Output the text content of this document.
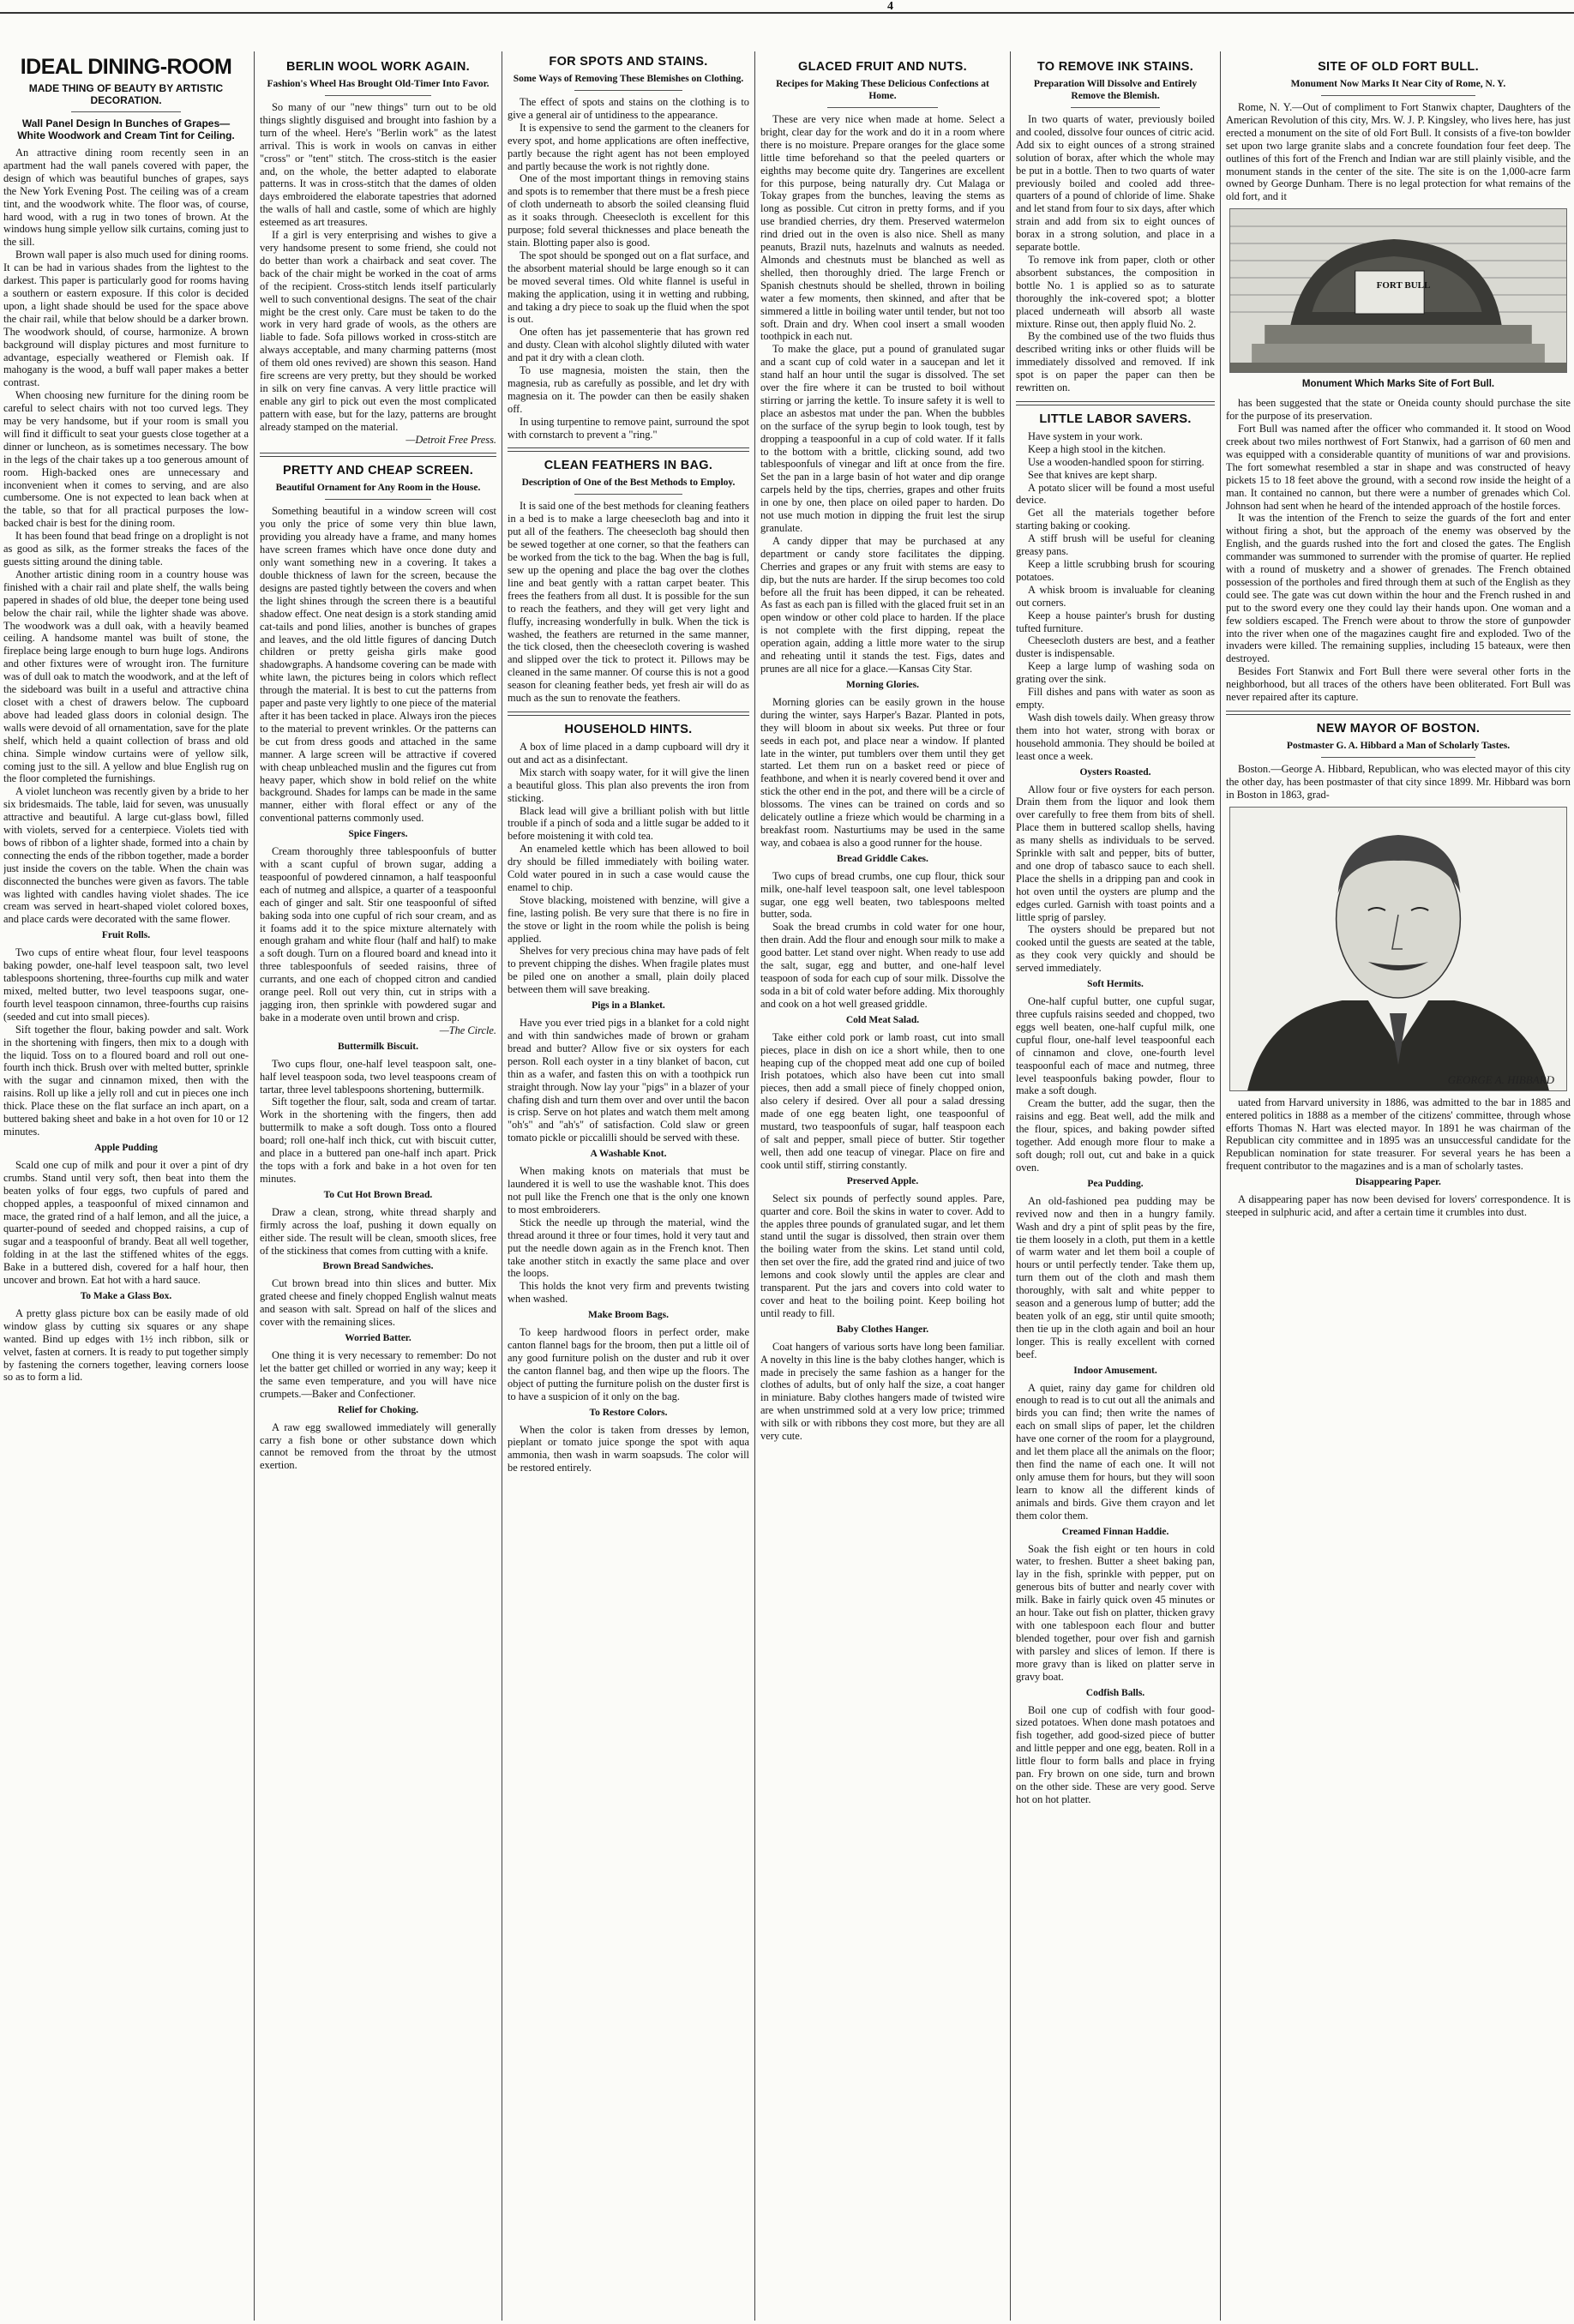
4
IDEAL DINING-ROOM
MADE THING OF BEAUTY BY ARTISTIC DECORATION.
Wall Panel Design In Bunches of Grapes—White Woodwork and Cream Tint for Ceiling.

An attractive dining room recently seen in an apartment had the wall panels covered with paper, the design of which was beautiful bunches of grapes, says the New York Evening Post. The ceiling was of a cream tint, and the woodwork white. The floor was, of course, hard wood, with a rug in two tones of brown. At the windows hung simple yellow silk curtains, coming just to the sill.

Brown wall paper is also much used for dining rooms. It can be had in various shades from the lightest to the darkest. This paper is particularly good for rooms having a southern or eastern exposure. If this color is decided upon, a light shade should be used for the space above the chair rail, while that below should be a darker brown. The woodwork should, of course, harmonize. A brown background will display pictures and most furniture to advantage, especially weathered or Flemish oak. If mahogany is the wood, a buff wall paper makes a better contrast.

When choosing new furniture for the dining room be careful to select chairs with not too curved legs. They may be very handsome, but if your room is small you will find it difficult to seat your guests close together at a dinner or luncheon, as is sometimes necessary. The bow in the legs of the chair takes up a too generous amount of room. High-backed ones are unnecessary and inconvenient when it comes to serving, and are also cumbersome. One is not expected to lean back when at the table, so that for all practical purposes the low-backed chair is best for the dining room.

It has been found that bead fringe on a droplight is not as good as silk, as the former streaks the faces of the guests sitting around the dining table.

Another artistic dining room in a country house was finished with a chair rail and plate shelf, the walls being papered in shades of old blue, the deeper tone being used below the chair rail, while the lighter shade was above. The woodwork was a dull oak, with a heavily beamed ceiling. A handsome mantel was built of stone, the fireplace being large enough to burn huge logs. Andirons and other fixtures were of wrought iron. The furniture was of dull oak to match the woodwork, and at the left of the sideboard was built in a useful and attractive china closet with a chest of drawers below. The cupboard above had leaded glass doors in colonial design. The walls were devoid of all ornamentation, save for the plate shelf, which held a quaint collection of brass and old china. Simple window curtains were of yellow silk, coming just to the sill. A yellow and blue English rug on the floor completed the furnishings.

A violet luncheon was recently given by a bride to her six bridesmaids. The table, laid for seven, was unusually attractive and beautiful. A large cut-glass bowl, filled with violets, served for a centerpiece. Violets tied with bows of ribbon of a lighter shade, formed into a chain by connecting the ends of the ribbon together, made a border just inside the covers on the table. When the chain was disconnected the bunches were given as favors. The table was lighted with candles having violet shades. The ice cream was served in heart-shaped violet colored boxes, and place cards were decorated with the same flower.

Fruit Rolls.

Two cups of entire wheat flour, four level teaspoons baking powder, one-half level teaspoon salt, two level tablespoons shortening, three-fourths cup milk and water mixed, melted butter, two level teaspoons sugar, one-fourth level teaspoon cinnamon, three-fourths cup raisins (seeded and cut into small pieces).

Sift together the flour, baking powder and salt. Work in the shortening with fingers, then mix to a dough with the liquid. Toss on to a floured board and roll out one-fourth inch thick. Brush over with melted butter, sprinkle with the sugar and cinnamon mixed, then with the raisins. Roll up like a jelly roll and cut in pieces one inch thick. Place these on the flat surface an inch apart, on a buttered baking sheet and bake in a hot oven for 10 or 12 minutes.

Apple Pudding

Scald one cup of milk and pour it over a pint of dry crumbs. Stand until very soft, then beat into them the beaten yolks of four eggs, two cupfuls of pared and chopped apples, a teaspoonful of mixed cinnamon and mace, the grated rind of a half lemon, and all the juice, a quarter-pound of seeded and chopped raisins, a cup of sugar and a teaspoonful of brandy. Beat all well together, folding in at the last the stiffened whites of the eggs. Bake in a buttered dish, covered for a half hour, then uncover and brown. Eat hot with a hard sauce.

To Make a Glass Box.

A pretty glass picture box can be easily made of old window glass by cutting six squares or any shape wanted. Bind up edges with 1½ inch ribbon, silk or velvet, fasten at corners. It is ready to put together simply by fastening the corners together, leaving corners loose so as to form a lid.

BERLIN WOOL WORK AGAIN.
Fashion's Wheel Has Brought Old-Timer Into Favor.

So many of our "new things" turn out to be old things slightly disguised and brought into fashion by a turn of the wheel. Here's "Berlin work" as the latest arrival. This is work in wools on canvas in either "cross" or "tent" stitch. The cross-stitch is the easier and, on the whole, the better adapted to elaborate patterns. It was in cross-stitch that the dames of olden days embroidered the elaborate tapestries that adorned the walls of hall and castle, some of which are highly esteemed as art treasures.

If a girl is very enterprising and wishes to give a very handsome present to some friend, she could not do better than work a chairback and seat cover. The back of the chair might be worked in the coat of arms of the recipient. Cross-stitch lends itself particularly well to such conventional designs. The seat of the chair might be the crest only. Care must be taken to do the work in very hard grade of wools, as the others are liable to fade. Sofa pillows worked in cross-stitch are always acceptable, and many charming patterns (most of them old ones revived) are shown this season. Hand fire screens are very pretty, but they should be worked in silk on very fine canvas. A very little practice will enable any girl to pick out even the most complicated pattern with ease, but for the lazy, patterns are brought already stamped on the material.

—Detroit Free Press.

PRETTY AND CHEAP SCREEN.
Beautiful Ornament for Any Room in the House.

Something beautiful in a window screen will cost you only the price of some very thin blue lawn, providing you already have a frame, and many homes have screen frames which have once done duty and only want something new in a covering. It takes a double thickness of lawn for the screen, because the designs are pasted tightly between the covers and when the light shines through the screen there is a beautiful shadow effect. One neat design is a stork standing amid cat-tails and pond lilies, another is bunches of grapes and leaves, and the old little figures of dancing Dutch children or pretty geisha girls make good shadowgraphs. A handsome covering can be made with white lawn, the pictures being in colors which reflect through the material. It is best to cut the patterns from paper and paste very lightly to one piece of the material after it has been tacked in place. Always iron the pieces to the material to prevent wrinkles. Or the patterns can be cut from dress goods and attached in the same manner. A large screen will be attractive if covered with cheap unbleached muslin and the figures cut from heavy paper, which show in bold relief on the white background. Shades for lamps can be made in the same manner, either with floral effect or any of the conventional patterns commonly used.

Spice Fingers.

Cream thoroughly three tablespoonfuls of butter with a scant cupful of brown sugar, adding a teaspoonful of powdered cinnamon, a half teaspoonful each of nutmeg and allspice, a quarter of a teaspoonful each of ginger and salt. Stir one teaspoonful of sifted baking soda into one cupful of rich sour cream, and as it foams add it to the spice mixture alternately with enough graham and white flour (half and half) to make a soft dough. Turn on a floured board and knead into it three tablespoonfuls of seeded raisins, three of currants, and one each of chopped citron and candied orange peel. Roll out very thin, cut in strips with a jagging iron, then sprinkle with powdered sugar and bake in a moderate oven until brown and crisp.

—The Circle.

Buttermilk Biscuit.

Two cups flour, one-half level teaspoon salt, one-half level teaspoon soda, two level teaspoons cream of tartar, three level tablespoons shortening, buttermilk.

Sift together the flour, salt, soda and cream of tartar. Work in the shortening with the fingers, then add buttermilk to make a soft dough. Toss onto a floured board; roll one-half inch thick, cut with biscuit cutter, and place in a buttered pan one-half inch apart. Prick the tops with a fork and bake in a hot oven for ten minutes.

To Cut Hot Brown Bread.

Draw a clean, strong, white thread sharply and firmly across the loaf, pushing it down equally on either side. The result will be clean, smooth slices, free of the stickiness that comes from cutting with a knife.

Brown Bread Sandwiches.

Cut brown bread into thin slices and butter. Mix grated cheese and finely chopped English walnut meats and season with salt. Spread on half of the slices and cover with the remaining slices.

Worried Batter.

One thing it is very necessary to remember: Do not let the batter get chilled or worried in any way; keep it the same even temperature, and you will have nice crumpets.—Baker and Confectioner.

Relief for Choking.

A raw egg swallowed immediately will generally carry a fish bone or other substance down which cannot be removed from the throat by the utmost exertion.

FOR SPOTS AND STAINS.
Some Ways of Removing These Blemishes on Clothing.

The effect of spots and stains on the clothing is to give a general air of untidiness to the appearance.

It is expensive to send the garment to the cleaners for every spot, and home applications are often ineffective, partly because the right agent has not been employed and partly because the work is not rightly done.

One of the most important things in removing stains and spots is to remember that there must be a fresh piece of cloth underneath to absorb the soiled cleansing fluid as it soaks through. Cheesecloth is excellent for this purpose; fold several thicknesses and place beneath the stain. Blotting paper also is good.

The spot should be sponged out on a flat surface, and the absorbent material should be large enough so it can be moved several times. Old white flannel is useful in making the application, using it in wetting and rubbing, and taking a dry piece to soak up the fluid when the spot is out.

One often has jet passementerie that has grown red and dusty. Clean with alcohol slightly diluted with water and pat it dry with a clean cloth.

To use magnesia, moisten the stain, then the magnesia, rub as carefully as possible, and let dry with magnesia on it. The powder can then be easily shaken off.

In using turpentine to remove paint, surround the spot with cornstarch to prevent a "ring."

CLEAN FEATHERS IN BAG.
Description of One of the Best Methods to Employ.

It is said one of the best methods for cleaning feathers in a bed is to make a large cheesecloth bag and into it put all of the feathers. The cheesecloth bag should then be sewed together at one corner, so that the feathers can be worked from the tick to the bag. When the bag is full, sew up the opening and place the bag over the clothes line and beat gently with a rattan carpet beater. This frees the feathers from all dust. It is possible for the sun to reach the feathers, and they will get very light and fluffy, increasing wonderfully in bulk. When the tick is washed, the feathers are returned in the same manner, the tick closed, then the cheesecloth covering is washed and slipped over the tick to protect it. Pillows may be cleaned in the same manner. Of course this is not a good season for cleaning feather beds, yet fresh air will do as much as the sun to renovate the feathers.

HOUSEHOLD HINTS.

A box of lime placed in a damp cupboard will dry it out and act as a disinfectant.

Mix starch with soapy water, for it will give the linen a beautiful gloss. This plan also prevents the iron from sticking.

Black lead will give a brilliant polish with but little trouble if a pinch of soda and a little sugar be added to it before moistening it with cold tea.

An enameled kettle which has been allowed to boil dry should be filled immediately with boiling water. Cold water poured in in such a case would cause the enamel to chip.

Stove blacking, moistened with benzine, will give a fine, lasting polish. Be very sure that there is no fire in the stove or light in the room while the polish is being applied.

Shelves for very precious china may have pads of felt to prevent chipping the dishes. When fragile plates must be piled one on another a small, plain doily placed between them will save breaking.

Pigs in a Blanket.

Have you ever tried pigs in a blanket for a cold night and with thin sandwiches made of brown or graham bread and butter? Allow five or six oysters for each person. Roll each oyster in a tiny blanket of bacon, cut thin as a wafer, and fasten this on with a toothpick run straight through. Now lay your "pigs" in a blazer of your chafing dish and turn them over and over until the bacon is crisp. Serve on hot plates and watch them melt among "oh's" and "ah's" of satisfaction. Cold slaw or green tomato pickle or piccalilli should be served with these.

A Washable Knot.

When making knots on materials that must be laundered it is well to use the washable knot. This does not pull like the French one that is the only one known to most embroiderers.

Stick the needle up through the material, wind the thread around it three or four times, hold it very taut and put the needle down again as in the French knot. Then take another stitch in exactly the same place and over the loops.

This holds the knot very firm and prevents twisting when washed.

Make Broom Bags.

To keep hardwood floors in perfect order, make canton flannel bags for the broom, then put a little oil of any good furniture polish on the duster and rub it over the canton flannel bag, and then wipe up the floors. The object of putting the furniture polish on the duster first is to have a suspicion of it only on the bag.

To Restore Colors.

When the color is taken from dresses by lemon, pieplant or tomato juice sponge the spot with aqua ammonia, then wash in warm soapsuds. The color will be restored entirely.

GLACED FRUIT AND NUTS.
Recipes for Making These Delicious Confections at Home.

These are very nice when made at home. Select a bright, clear day for the work and do it in a room where there is no moisture. Prepare oranges for the glace some little time beforehand so that the peeled quarters or eighths may become quite dry. Tangerines are excellent for this purpose, being naturally dry. Cut Malaga or Tokay grapes from the bunches, leaving the stems as long as possible. Cut citron in pretty forms, and if you use brandied cherries, dry them. Preserved watermelon rind dried out in the oven is also nice. Shell as many peanuts, Brazil nuts, hazelnuts and walnuts as needed. Almonds and chestnuts must be blanched as well as shelled, then thoroughly dried. The large French or Spanish chestnuts should be shelled, thrown in boiling water a few moments, then skinned, and after that be simmered a little in boiling water until tender, but not too soft. Drain and dry. When cool insert a small wooden toothpick in each nut.

To make the glace, put a pound of granulated sugar and a scant cup of cold water in a saucepan and let it stand half an hour until the sugar is dissolved. The set over the fire where it can be trusted to boil without stirring or jarring the kettle. To insure safety it is well to place an asbestos mat under the pan. When the bubbles on the surface of the syrup begin to look tough, test by dropping a teaspoonful in a cup of cold water. If it falls to the bottom with a brittle, clicking sound, add two tablespoonfuls of vinegar and lift at once from the fire. Set the pan in a large basin of hot water and dip orange carpels held by the tips, cherries, grapes and other fruits in one by one, then place on oiled paper to harden. Do not use much motion in dipping the fruit lest the sirup granulate.

A candy dipper that may be purchased at any department or candy store facilitates the dipping. Cherries and grapes or any fruit with stems are easy to dip, but the nuts are harder. If the sirup becomes too cold before all the fruit has been dipped, it can be reheated. As fast as each pan is filled with the glaced fruit set in an open window or other cold place to harden. If the place is not complete with the first dipping, repeat the operation again, adding a little more water to the sirup and reheating until it stands the test. Figs, dates and prunes are all nice for a glace.—Kansas City Star.

Morning Glories.

Morning glories can be easily grown in the house during the winter, says Harper's Bazar. Planted in pots, they will bloom in about six weeks. Put three or four seeds in each pot, and place near a window. If planted late in the winter, put tumblers over them until they get started. Let them run on a basket reed or piece of feathbone, and when it is nearly covered bend it over and stick the other end in the pot, and there will be a circle of blossoms. The vines can be trained on cords and so delicately outline a frieze which would be charming in a breakfast room. Nasturtiums may be used in the same way, and cobaea is also a good runner for the house.

Bread Griddle Cakes.

Two cups of bread crumbs, one cup flour, thick sour milk, one-half level teaspoon salt, one level tablespoon sugar, one egg well beaten, two tablespoons melted butter, soda.

Soak the bread crumbs in cold water for one hour, then drain. Add the flour and enough sour milk to make a good batter. Let stand over night. When ready to use add the salt, sugar, egg and butter, and one-half level teaspoon of soda for each cup of sour milk. Dissolve the soda in a bit of cold water before adding. Mix thoroughly and cook on a hot well greased griddle.

Cold Meat Salad.

Take either cold pork or lamb roast, cut into small pieces, place in dish on ice a short while, then to one heaping cup of the chopped meat add one cup of boiled Irish potatoes, which also have been cut into small pieces, then add a small piece of finely chopped onion, also celery if desired. Over all pour a salad dressing made of one egg beaten light, one teaspoonful of mustard, two teaspoonfuls of sugar, half teaspoon each of salt and pepper, small piece of butter. Stir together well, then add one teacup of vinegar. Place on fire and cook until stiff, stirring constantly.

Preserved Apple.

Select six pounds of perfectly sound apples. Pare, quarter and core. Boil the skins in water to cover. Add to the apples three pounds of granulated sugar, and let them stand until the sugar is dissolved, then strain over them the boiling water from the skins. Let stand until cold, then set over the fire, add the grated rind and juice of two lemons and cook slowly until the apples are clear and transparent. Put the jars and covers into cold water to cover and heat to the boiling point. Keep boiling hot until ready to fill.

Baby Clothes Hanger.

Coat hangers of various sorts have long been familiar. A novelty in this line is the baby clothes hanger, which is made in precisely the same fashion as a hanger for the clothes of adults, but of only half the size, a coat hanger in miniature. Baby clothes hangers made of twisted wire are when unstrimmed sold at a very low price; trimmed with silk or with ribbons they cost more, but they are all very cute.

TO REMOVE INK STAINS.
Preparation Will Dissolve and Entirely Remove the Blemish.

In two quarts of water, previously boiled and cooled, dissolve four ounces of citric acid. Add six to eight ounces of a strong strained solution of borax, after which the whole may be put in a bottle. Then to two quarts of water previously boiled and cooled add three-quarters of a pound of chloride of lime. Shake and let stand from four to six days, after which strain and add from six to eight ounces of borax in a strong solution, and place in a separate bottle.

To remove ink from paper, cloth or other absorbent substances, the composition in bottle No. 1 is applied so as to saturate thoroughly the ink-covered spot; a blotter placed underneath will absorb all waste mixture. Rinse out, then apply fluid No. 2.

By the combined use of the two fluids thus described writing inks or other fluids will be immediately dissolved and removed. If ink spot is on paper the paper can then be rewritten on.

LITTLE LABOR SAVERS.

Have system in your work.

Keep a high stool in the kitchen.

Use a wooden-handled spoon for stirring.

See that knives are kept sharp.

A potato slicer will be found a most useful device.

Get all the materials together before starting baking or cooking.

A stiff brush will be useful for cleaning greasy pans.

Keep a little scrubbing brush for scouring potatoes.

A whisk broom is invaluable for cleaning out corners.

Keep a house painter's brush for dusting tufted furniture.

Cheesecloth dusters are best, and a feather duster is indispensable.

Keep a large lump of washing soda on grating over the sink.

Fill dishes and pans with water as soon as empty.

Wash dish towels daily. When greasy throw them into hot water, strong with borax or household ammonia. They should be boiled at least once a week.

Oysters Roasted.

Allow four or five oysters for each person. Drain them from the liquor and look them over carefully to free them from bits of shell. Place them in buttered scallop shells, having as many shells as individuals to be served. Sprinkle with salt and pepper, bits of butter, and one drop of tabasco sauce to each shell. Place the shells in a dripping pan and cook in hot oven until the oysters are plump and the edges curled. Garnish with toast points and a little sprig of parsley.

The oysters should be prepared but not cooked until the guests are seated at the table, as they cook very quickly and should be served immediately.

Soft Hermits.

One-half cupful butter, one cupful sugar, three cupfuls raisins seeded and chopped, two eggs well beaten, one-half cupful milk, one cupful flour, one-half level teaspoonful each of cinnamon and clove, one-fourth level teaspoonful each of mace and nutmeg, three level teaspoonfuls baking powder, flour to make a soft dough.

Cream the butter, add the sugar, then the raisins and egg. Beat well, add the milk and the flour, spices, and baking powder sifted together. Add enough more flour to make a soft dough; roll out, cut and bake in a quick oven.

Pea Pudding.

An old-fashioned pea pudding may be revived now and then in a hungry family. Wash and dry a pint of split peas by the fire, tie them loosely in a cloth, put them in a kettle of warm water and let them boil a couple of hours or until perfectly tender. Take them up, turn them out of the cloth and mash them thoroughly, with salt and white pepper to season and a generous lump of butter; add the beaten yolk of an egg, stir until quite smooth; then tie up in the cloth again and boil an hour longer. This is really excellent with corned beef.

Indoor Amusement.

A quiet, rainy day game for children old enough to read is to cut out all the animals and birds you can find; then write the names of each on small slips of paper, let the children have one corner of the room for a playground, and let them place all the animals on the floor; then find the name of each one. It will not only amuse them for hours, but they will soon learn to know all the different kinds of animals and birds. Give them crayon and let them color them.

Creamed Finnan Haddie.

Soak the fish eight or ten hours in cold water, to freshen. Butter a sheet baking pan, lay in the fish, sprinkle with pepper, put on generous bits of butter and nearly cover with milk. Bake in fairly quick oven 45 minutes or an hour. Take out fish on platter, thicken gravy with one tablespoon each flour and butter blended together, pour over fish and garnish with parsley and slices of lemon. If there is more gravy than is liked on platter serve in gravy boat.

Codfish Balls.

Boil one cup of codfish with four good-sized potatoes. When done mash potatoes and fish together, add good-sized piece of butter and little pepper and one egg, beaten. Roll in a little flour to form balls and place in frying pan. Fry brown on one side, turn and brown on the other side. These are very good. Serve hot on hot platter.

SITE OF OLD FORT BULL.
Monument Now Marks It Near City of Rome, N. Y.

Rome, N. Y.—Out of compliment to Fort Stanwix chapter, Daughters of the American Revolution of this city, Mrs. W. J. P. Kingsley, who lives here, has just erected a monument on the site of old Fort Bull. It consists of a five-ton bowlder set upon two large granite slabs and a concrete foundation four feet deep. The outlines of this fort of the French and Indian war are still plainly visible, and the monument stands in the center of the site. The site is on the 1,000-acre farm owned by George Dunham. There is no legal protection for what remains of the old fort, and it

FORT BULL
Monument Which Marks Site of Fort Bull.

has been suggested that the state or Oneida county should purchase the site for the purpose of its preservation.

Fort Bull was named after the officer who commanded it. It stood on Wood creek about two miles northwest of Fort Stanwix, had a garrison of 60 men and was equipped with a considerable quantity of munitions of war and provisions. The fort somewhat resembled a star in shape and was constructed of heavy pickets 15 to 18 feet above the ground, with a second row inside the height of a man. It contained no cannon, but there were a number of grenades which Col. Johnson had sent when he heard of the intended approach of the hostile forces.

It was the intention of the French to seize the guards of the fort and enter without firing a shot, but the approach of the enemy was observed by the English, and the guards rushed into the fort and closed the gates. The English commander was summoned to surrender with the promise of quarter. He replied with a round of musketry and a shower of grenades. The French obtained possession of the portholes and fired through them at such of the English as they could see. The gate was cut down within the hour and the French rushed in and put to the sword every one they could lay their hands upon. One woman and a few soldiers escaped. The French were about to throw the store of gunpowder into the river when one of the magazines caught fire and exploded. Two of the invaders were killed. The remaining supplies, including 15 bateaux, were then destroyed.

Besides Fort Stanwix and Fort Bull there were several other forts in the neighborhood, but all traces of the others have been obliterated. Fort Bull was never repaired after its capture.

NEW MAYOR OF BOSTON.
Postmaster G. A. Hibbard a Man of Scholarly Tastes.

Boston.—George A. Hibbard, Republican, who was elected mayor of this city the other day, has been postmaster of that city since 1899. Mr. Hibbard was born in Boston in 1863, grad-

GEORGE A. HIBBARD

uated from Harvard university in 1886, was admitted to the bar in 1885 and entered politics in 1888 as a member of the citizens' committee, through whose efforts Thomas N. Hart was elected mayor. In 1891 he was chairman of the Republican city committee and in 1895 was an unsuccessful candidate for the Republican nomination for state treasurer. For several years he has been a frequent contributor to the magazines and is a man of scholarly tastes.

Disappearing Paper.

A disappearing paper has now been devised for lovers' correspondence. It is steeped in sulphuric acid, and after a certain time it crumbles into dust.
